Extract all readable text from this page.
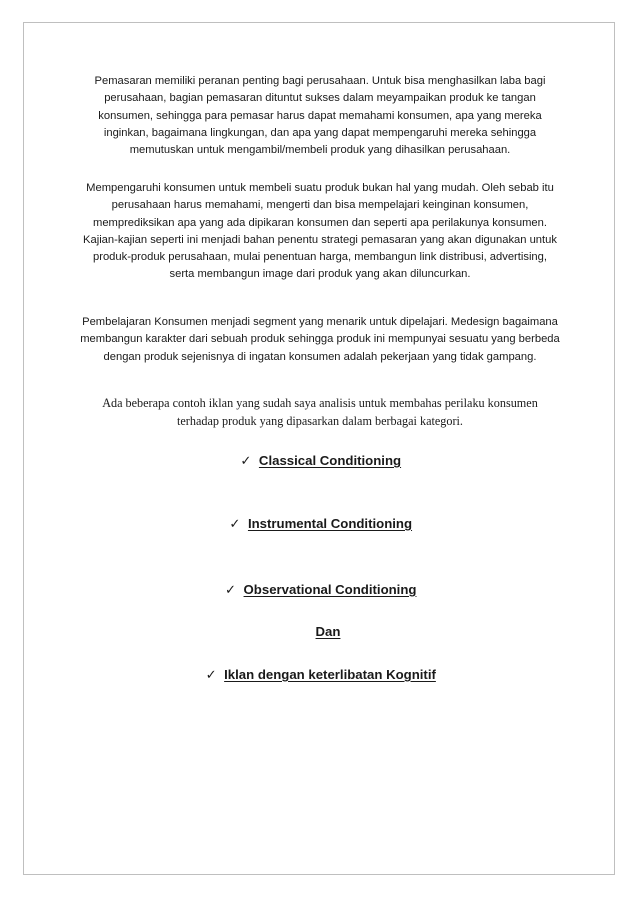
Pemasaran memiliki peranan penting bagi perusahaan. Untuk bisa menghasilkan laba bagi perusahaan, bagian pemasaran dituntut sukses dalam meyampaikan produk ke tangan konsumen, sehingga para pemasar harus dapat memahami konsumen, apa yang mereka inginkan, bagaimana lingkungan, dan apa yang dapat mempengaruhi mereka sehingga memutuskan untuk mengambil/membeli produk yang dihasilkan perusahaan.

Mempengaruhi konsumen untuk membeli suatu produk bukan hal yang mudah. Oleh sebab itu perusahaan harus memahami, mengerti dan bisa mempelajari keinginan konsumen, memprediksikan apa yang ada dipikaran konsumen dan seperti apa perilakunya konsumen. Kajian-kajian seperti ini menjadi bahan penentu strategi pemasaran yang akan digunakan untuk produk-produk perusahaan, mulai penentuan harga, membangun link distribusi, advertising, serta membangun image dari produk yang akan diluncurkan.

Pembelajaran Konsumen menjadi segment yang menarik untuk dipelajari. Medesign bagaimana membangun karakter dari sebuah produk sehingga produk ini mempunyai sesuatu yang berbeda dengan produk sejenisnya di ingatan konsumen adalah pekerjaan yang tidak gampang.

Ada beberapa contoh iklan yang sudah saya analisis untuk membahas perilaku konsumen terhadap produk yang dipasarkan dalam berbagai kategori.

✓ Classical Conditioning
✓ Instrumental Conditioning
✓ Observational Conditioning
Dan
✓ Iklan dengan keterlibatan Kognitif
